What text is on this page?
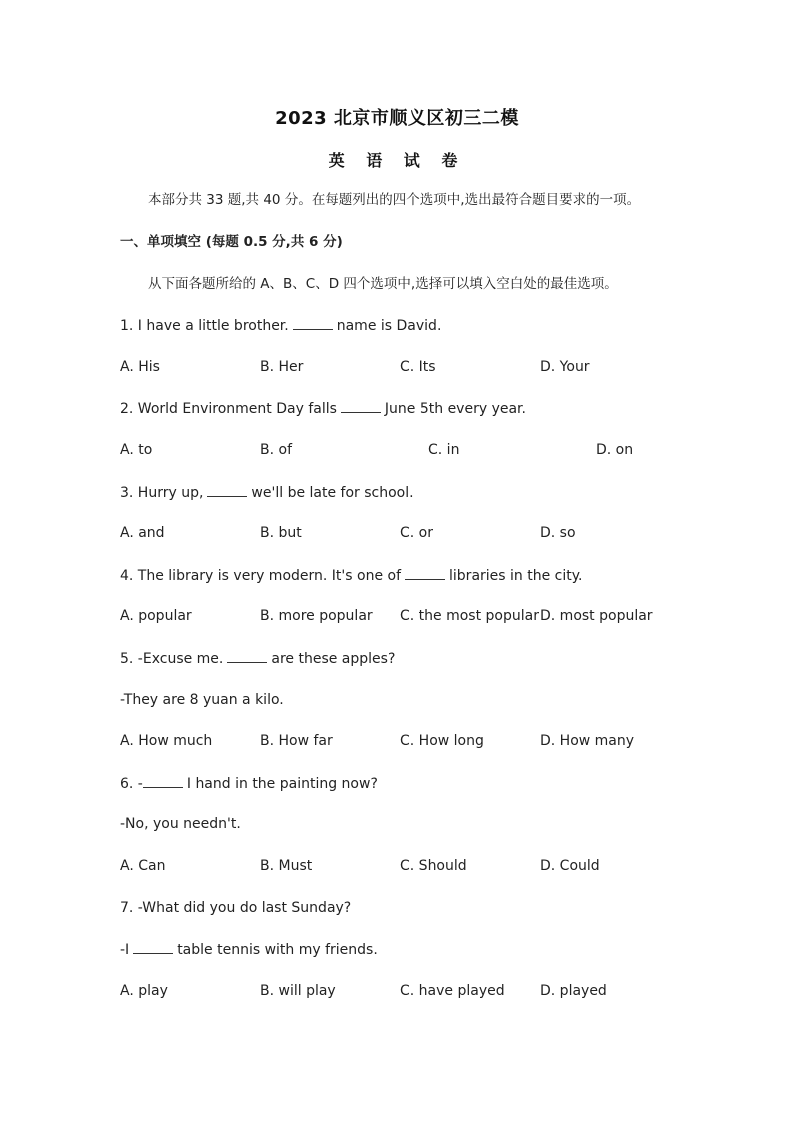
2023 北京市顺义区初三二模
英 语 试 卷
本部分共 33 题,共 40 分。在每题列出的四个选项中,选出最符合题目要求的一项。
一、单项填空 (每题 0.5 分,共 6 分)
从下面各题所给的 A、B、C、D 四个选项中,选择可以填入空白处的最佳选项。
1. I have a little brother.	name is David.
A. His	B. Her	C. Its	D. Your
2. World Environment Day falls	June 5th every year.
A. to	B. of	C. in	D. on
3. Hurry up,	we'll be late for school.
A. and	B. but	C. or	D. so
4. The library is very modern. It's one of	libraries in the city.
A. popular	B. more popular C. the most popular D. most popular
5. -Excuse me.	are these apples?
-They are 8 yuan a kilo.
A. How much	B. How far	C. How long	D. How many
6. -	I hand in the painting now?
-No, you needn't.
A. Can	B. Must	C. Should	D. Could
7. -What did you do last Sunday?
-I	table tennis with my friends.
A. play	B. will play	C. have played	D. played
